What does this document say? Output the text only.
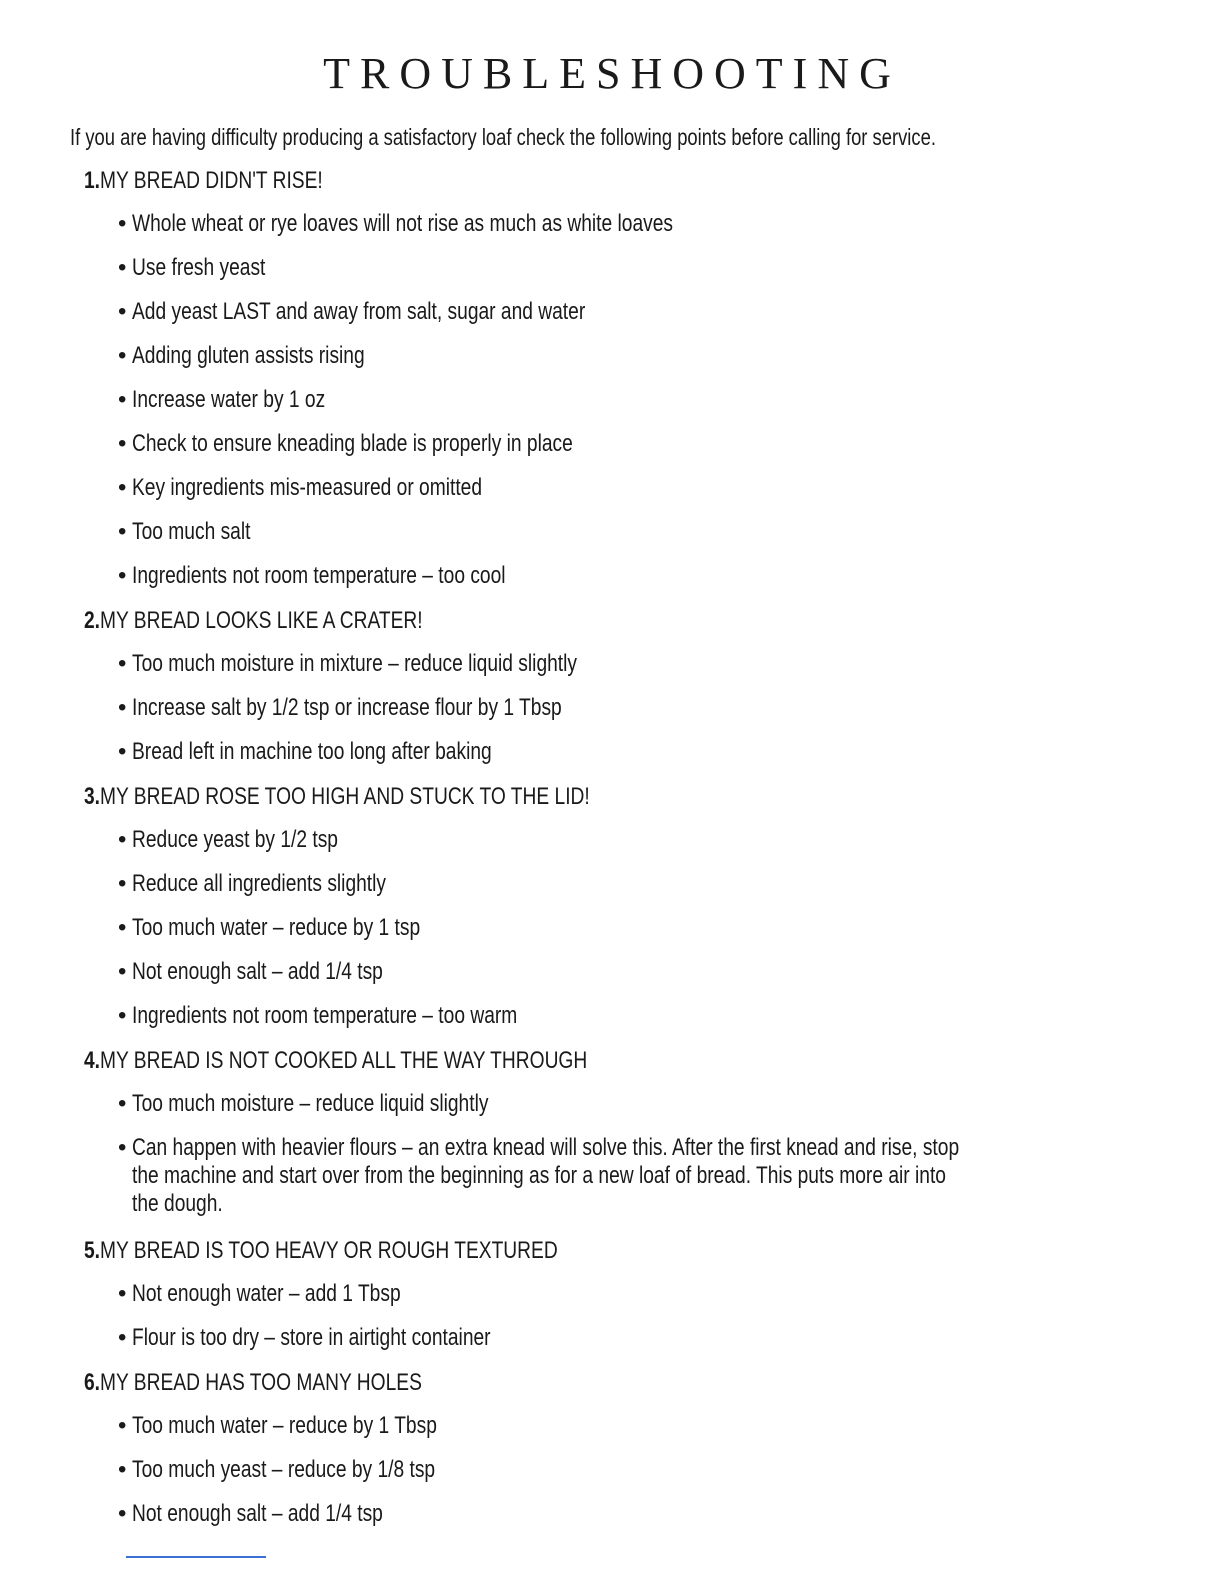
TROUBLESHOOTING
If you are having difficulty producing a satisfactory loaf check the following points before calling for service.
1.MY BREAD DIDN'T RISE!
• Whole wheat or rye loaves will not rise as much as white loaves
• Use fresh yeast
• Add yeast LAST and away from salt, sugar and water
• Adding gluten assists rising
• Increase water by 1 oz
• Check to ensure kneading blade is properly in place
• Key ingredients mis-measured or omitted
• Too much salt
• Ingredients not room temperature – too cool
2.MY BREAD LOOKS LIKE A CRATER!
• Too much moisture in mixture – reduce liquid slightly
• Increase salt by 1/2 tsp or increase flour by 1 Tbsp
• Bread left in machine too long after baking
3.MY BREAD ROSE TOO HIGH AND STUCK TO THE LID!
• Reduce yeast by 1/2 tsp
• Reduce all ingredients slightly
• Too much water – reduce by 1 tsp
• Not enough salt – add 1/4 tsp
• Ingredients not room temperature – too warm
4.MY BREAD IS NOT COOKED ALL THE WAY THROUGH
• Too much moisture – reduce liquid slightly
• Can happen with heavier flours – an extra knead will solve this. After the first knead and rise, stop the machine and start over from the beginning as for a new loaf of bread. This puts more air into the dough.
5.MY BREAD IS TOO HEAVY OR ROUGH TEXTURED
• Not enough water – add 1 Tbsp
• Flour is too dry – store in airtight container
6.MY BREAD HAS TOO MANY HOLES
• Too much water – reduce by 1 Tbsp
• Too much yeast – reduce by 1/8 tsp
• Not enough salt – add 1/4 tsp
